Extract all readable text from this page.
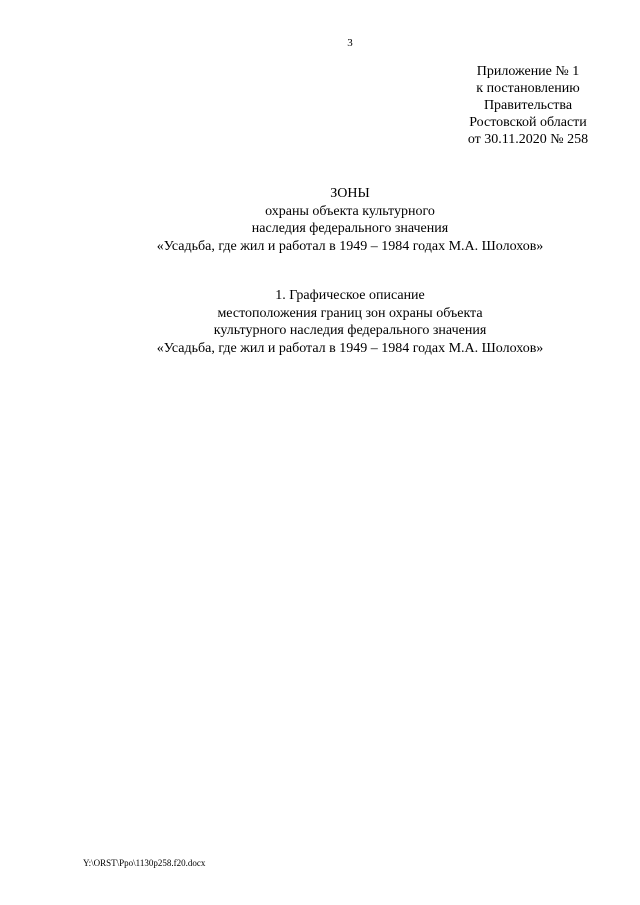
3
Приложение № 1
к постановлению
Правительства
Ростовской области
от 30.11.2020 № 258
ЗОНЫ
охраны объекта культурного
наследия федерального значения
«Усадьба, где жил и работал в 1949 – 1984 годах М.А. Шолохов»
1. Графическое описание
местоположения границ зон охраны объекта
культурного наследия федерального значения
«Усадьба, где жил и работал в 1949 – 1984 годах М.А. Шолохов»
Y:\ORST\Ppo\1130p258.f20.docx
